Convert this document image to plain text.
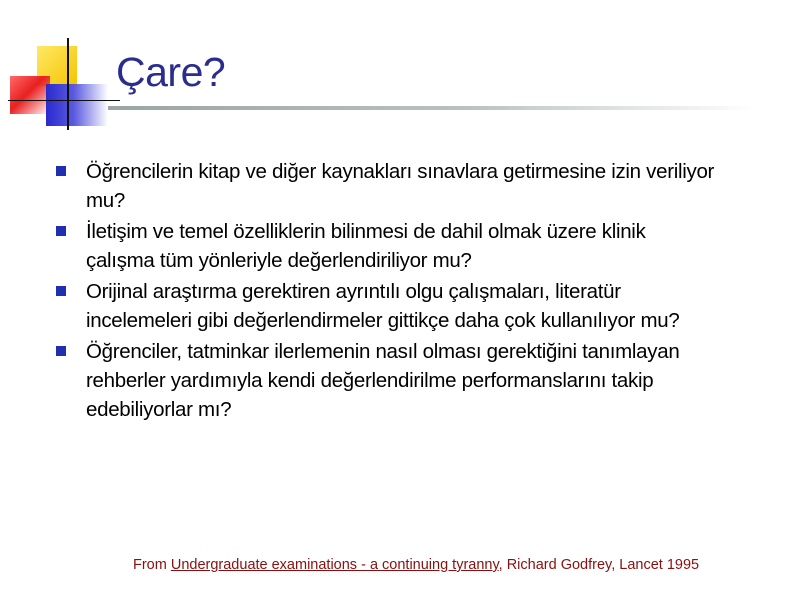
Çare?
Öğrencilerin kitap ve diğer kaynakları sınavlara getirmesine izin veriliyor mu?
İletişim ve temel özelliklerin bilinmesi de dahil olmak üzere klinik çalışma tüm yönleriyle değerlendiriliyor mu?
Orijinal araştırma gerektiren ayrıntılı olgu çalışmaları, literatür incelemeleri gibi değerlendirmeler gittikçe daha çok kullanılıyor mu?
Öğrenciler, tatminkar ilerlemenin nasıl olması gerektiğini tanımlayan rehberler yardımıyla kendi değerlendirilme performanslarını takip edebiliyorlar mı?

From Undergraduate examinations - a continuing tyranny, Richard Godfrey, Lancet 1995
